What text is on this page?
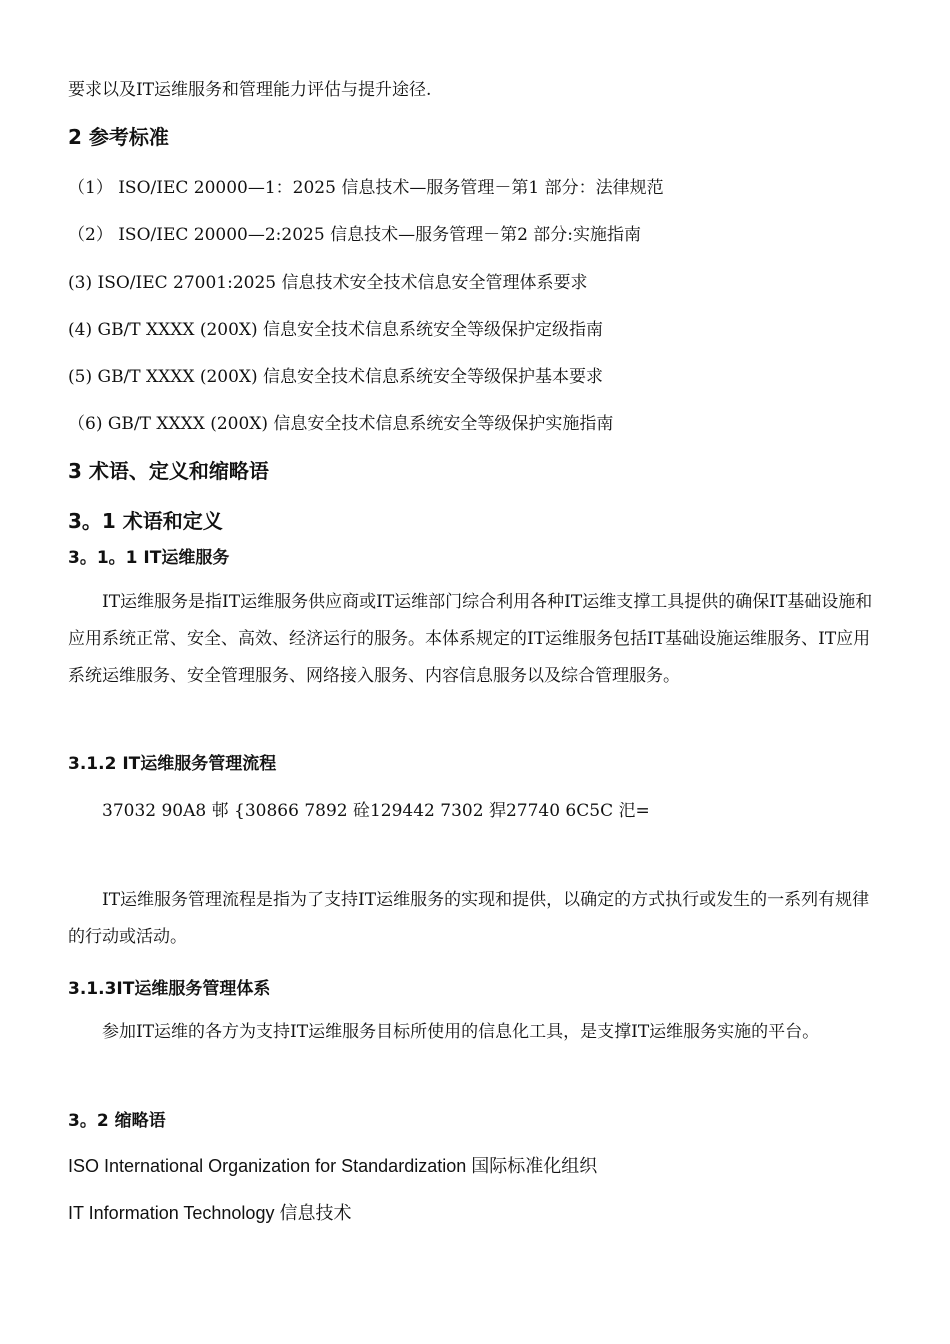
要求以及IT运维服务和管理能力评估与提升途径.

2 参考标准

（1） ISO/IEC 20000—1：2025 信息技术—服务管理－第1 部分：法律规范

（2） ISO/IEC 20000—2:2025 信息技术—服务管理－第2 部分:实施指南

(3) ISO/IEC 27001:2025 信息技术安全技术信息安全管理体系要求

(4) GB/T XXXX (200X) 信息安全技术信息系统安全等级保护定级指南

(5) GB/T XXXX (200X) 信息安全技术信息系统安全等级保护基本要求

（6) GB/T XXXX (200X) 信息安全技术信息系统安全等级保护实施指南

3 术语、定义和缩略语
3。1 术语和定义
3。1。1 IT运维服务

IT运维服务是指IT运维服务供应商或IT运维部门综合利用各种IT运维支撑工具提供的确保IT基础设施和应用系统正常、安全、高效、经济运行的服务。本体系规定的IT运维服务包括IT基础设施运维服务、IT应用系统运维服务、安全管理服务、网络接入服务、内容信息服务以及综合管理服务。

3.1.2 IT运维服务管理流程

37032 90A8 邨 {30866 7892 硂129442 7302 猂27740 6C5C 汜=

IT运维服务管理流程是指为了支持IT运维服务的实现和提供，以确定的方式执行或发生的一系列有规律的行动或活动。

3.1.3IT运维服务管理体系

参加IT运维的各方为支持IT运维服务目标所使用的信息化工具，是支撑IT运维服务实施的平台。

3。2 缩略语

ISO International Organization for Standardization 国际标准化组织

IT Information Technology 信息技术
